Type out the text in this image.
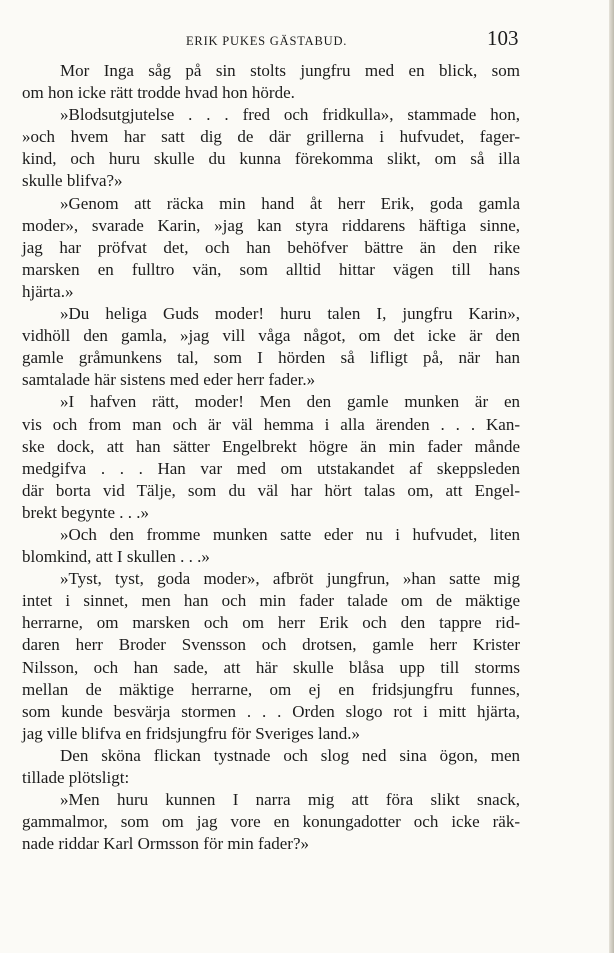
ERIK PUKES GÄSTABUD.	103
Mor Inga såg på sin stolts jungfru med en blick, som
om hon icke rätt trodde hvad hon hörde.
»Blodsutgjutelse . . . fred och fridkulla», stammade hon,
»och hvem har satt dig de där grillerna i hufvudet, fager-
kind, och huru skulle du kunna förekomma slikt, om så illa
skulle blifva?»
»Genom att räcka min hand åt herr Erik, goda gamla
moder», svarade Karin, »jag kan styra riddarens häftiga sinne,
jag har pröfvat det, och han behöfver bättre än den rike
marsken en fulltro vän, som alltid hittar vägen till hans
hjärta.»
»Du heliga Guds moder! huru talen I, jungfru Karin»,
vidhöll den gamla, »jag vill våga något, om det icke är den
gamle gråmunkens tal, som I hörden så lifligt på, när han
samtalade här sistens med eder herr fader.»
»I hafven rätt, moder! Men den gamle munken är en
vis och from man och är väl hemma i alla ärenden . . . Kan-
ske dock, att han sätter Engelbrekt högre än min fader månde
medgifva . . . Han var med om utstakandet af skeppsleden
där borta vid Tälje, som du väl har hört talas om, att Engel-
brekt begynte . . .»
»Och den fromme munken satte eder nu i hufvudet, liten
blomkind, att I skullen . . .»
»Tyst, tyst, goda moder», afbröt jungfrun, »han satte mig
intet i sinnet, men han och min fader talade om de mäktige
herrarne, om marsken och om herr Erik och den tappre rid-
daren herr Broder Svensson och drotsen, gamle herr Krister
Nilsson, och han sade, att här skulle blåsa upp till storms
mellan de mäktige herrarne, om ej en fridsjungfru funnes,
som kunde besvärja stormen . . . Orden slogo rot i mitt hjärta,
jag ville blifva en fridsjungfru för Sveriges land.»
Den sköna flickan tystnade och slog ned sina ögon, men
tillade plötsligt:
»Men huru kunnen I narra mig att föra slikt snack,
gammalmor, som om jag vore en konungadotter och icke räk-
nade riddar Karl Ormsson för min fader?»
